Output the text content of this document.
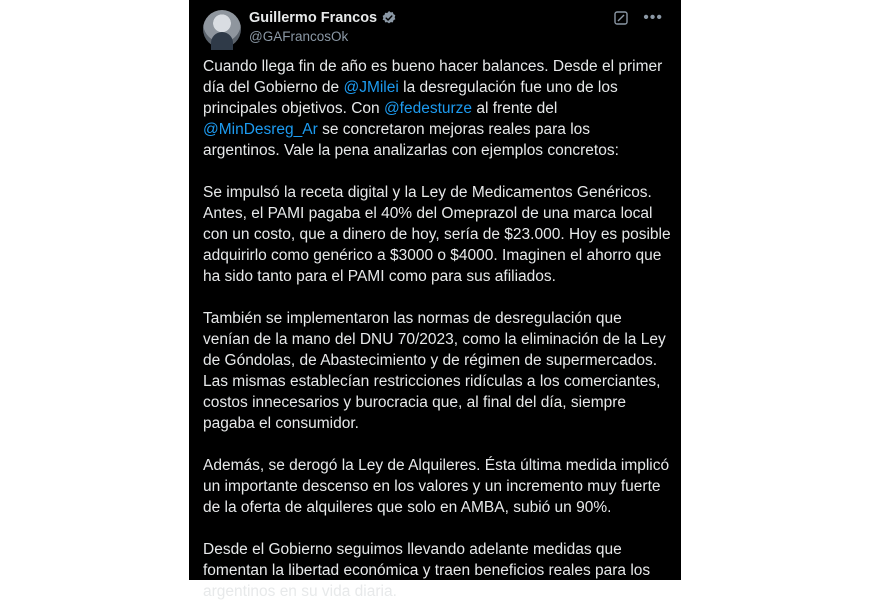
Guillermo Francos
@GAFrancosOk
•••

Cuando llega fin de año es bueno hacer balances. Desde el primer día del Gobierno de @JMilei la desregulación fue uno de los principales objetivos. Con @fedesturze al frente del @MinDesreg_Ar se concretaron mejoras reales para los argentinos. Vale la pena analizarlas con ejemplos concretos:

Se impulsó la receta digital y la Ley de Medicamentos Genéricos. Antes, el PAMI pagaba el 40% del Omeprazol de una marca local con un costo, que a dinero de hoy, sería de $23.000. Hoy es posible adquirirlo como genérico a $3000 o $4000. Imaginen el ahorro que ha sido tanto para el PAMI como para sus afiliados.

También se implementaron las normas de desregulación que venían de la mano del DNU 70/2023, como la eliminación de la Ley de Góndolas, de Abastecimiento y de régimen de supermercados. Las mismas establecían restricciones ridículas a los comerciantes, costos innecesarios y burocracia que, al final del día, siempre pagaba el consumidor.

Además, se derogó la Ley de Alquileres. Ésta última medida implicó un importante descenso en los valores y un incremento muy fuerte de la oferta de alquileres que solo en AMBA, subió un 90%.

Desde el Gobierno seguimos llevando adelante medidas que fomentan la libertad económica y traen beneficios reales para los argentinos en su vida diaria.
